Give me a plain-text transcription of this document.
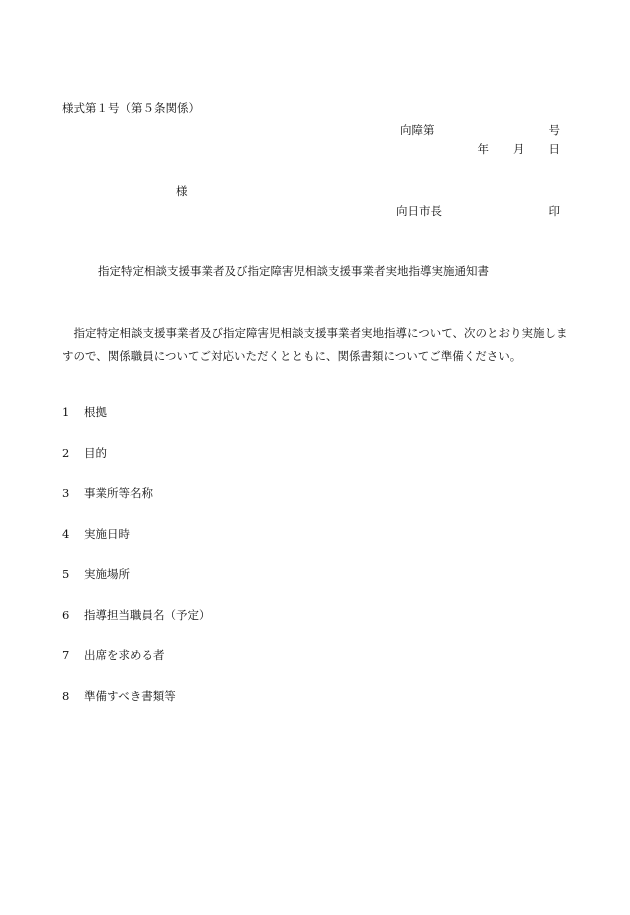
様式第１号（第５条関係）
向障第	号
年 月 日
様
向日市長	印
指定特定相談支援事業者及び指定障害児相談支援事業者実地指導実施通知書
指定特定相談支援事業者及び指定障害児相談支援事業者実地指導について、次のとおり実施しますので、関係職員についてご対応いただくとともに、関係書類についてご準備ください。
1	根拠
2	目的
3	事業所等名称
4	実施日時
5	実施場所
6	指導担当職員名（予定）
7	出席を求める者
8	準備すべき書類等
